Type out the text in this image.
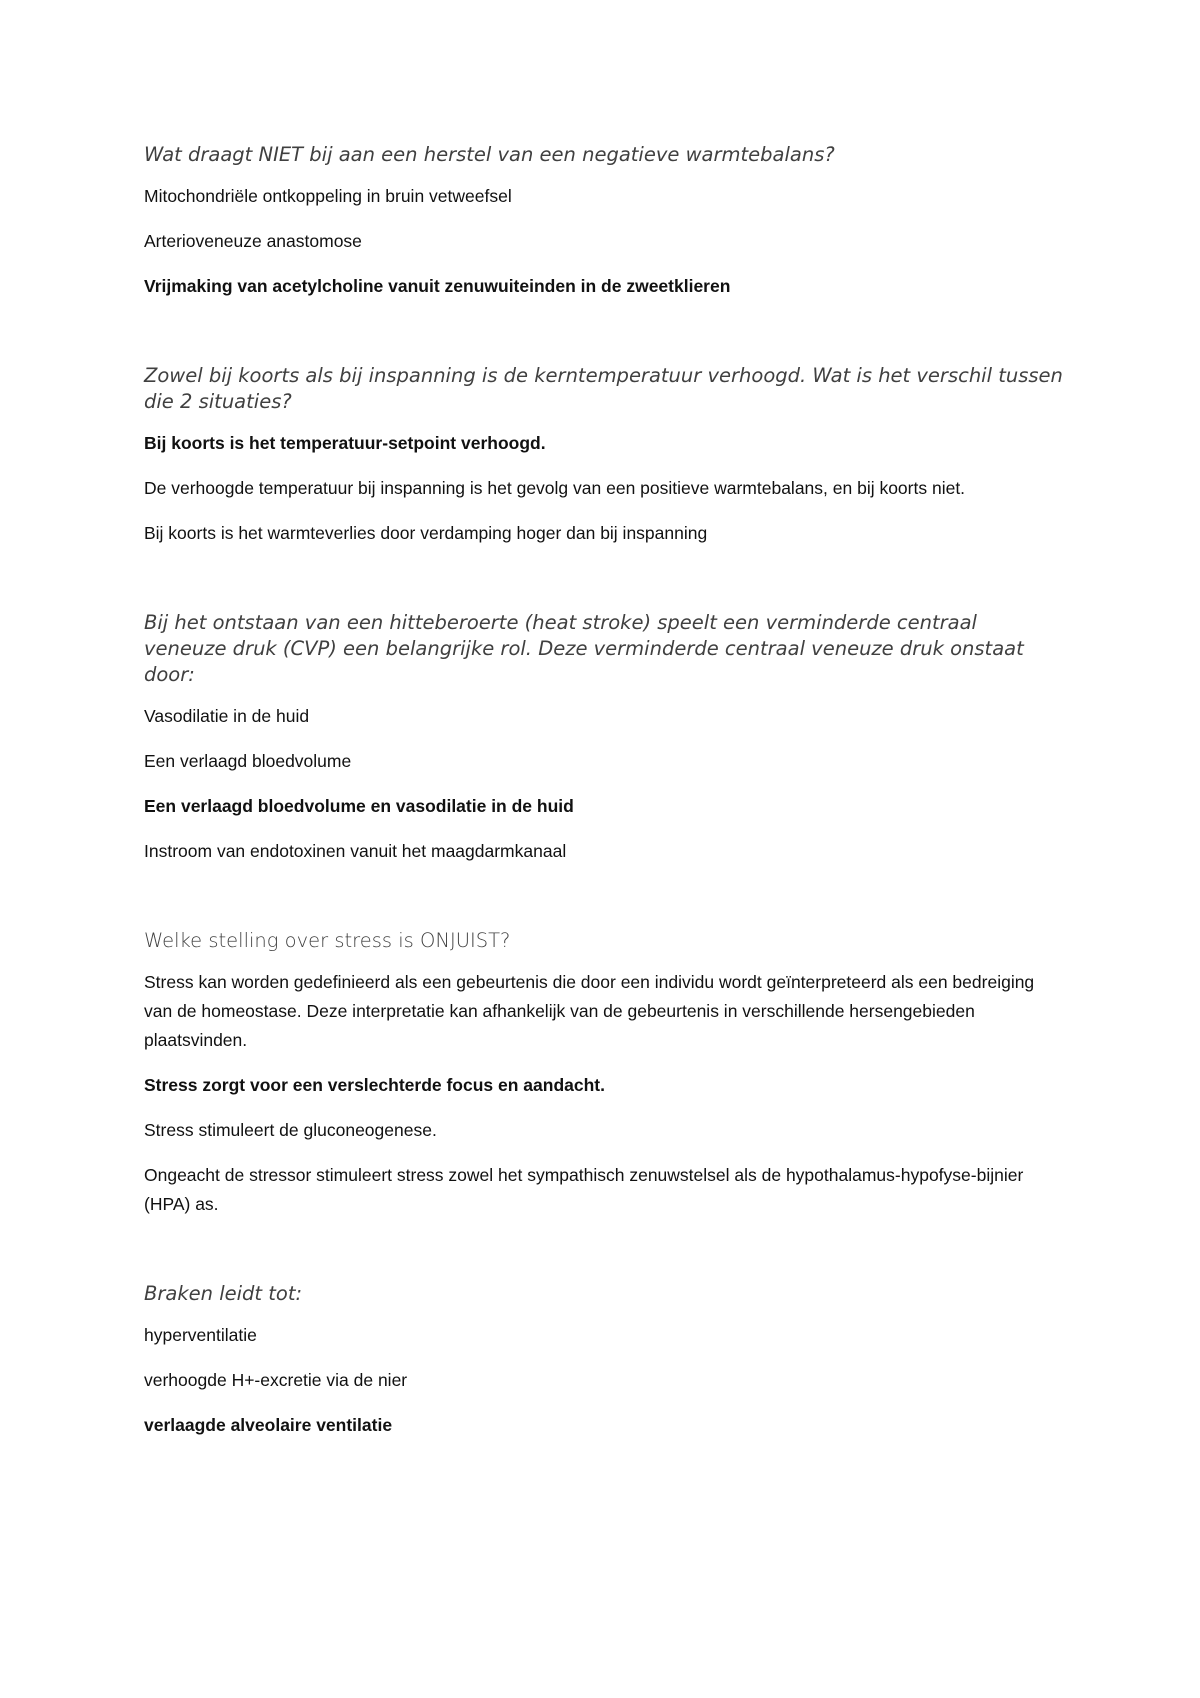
Wat draagt NIET bij aan een herstel van een negatieve warmtebalans?

Mitochondriële ontkoppeling in bruin vetweefsel

Arterioveneuze anastomose

Vrijmaking van acetylcholine vanuit zenuwuiteinden in de zweetklieren

Zowel bij koorts als bij inspanning is de kerntemperatuur verhoogd. Wat is het verschil tussen die 2 situaties?

Bij koorts is het temperatuur-setpoint verhoogd.

De verhoogde temperatuur bij inspanning is het gevolg van een positieve warmtebalans, en bij koorts niet.

Bij koorts is het warmteverlies door verdamping hoger dan bij inspanning

Bij het ontstaan van een hitteberoerte (heat stroke) speelt een verminderde centraal veneuze druk (CVP) een belangrijke rol. Deze verminderde centraal veneuze druk onstaat door:

Vasodilatie in de huid

Een verlaagd bloedvolume

Een verlaagd bloedvolume en vasodilatie in de huid

Instroom van endotoxinen vanuit het maagdarmkanaal

Welke stelling over stress is ONJUIST?

Stress kan worden gedefinieerd als een gebeurtenis die door een individu wordt geïnterpreteerd als een bedreiging van de homeostase. Deze interpretatie kan afhankelijk van de gebeurtenis in verschillende hersengebieden plaatsvinden.

Stress zorgt voor een verslechterde focus en aandacht.

Stress stimuleert de gluconeogenese.

Ongeacht de stressor stimuleert stress zowel het sympathisch zenuwstelsel als de hypothalamus-hypofyse-bijnier (HPA) as.

Braken leidt tot:

hyperventilatie

verhoogde H+-excretie via de nier

verlaagde alveolaire ventilatie
